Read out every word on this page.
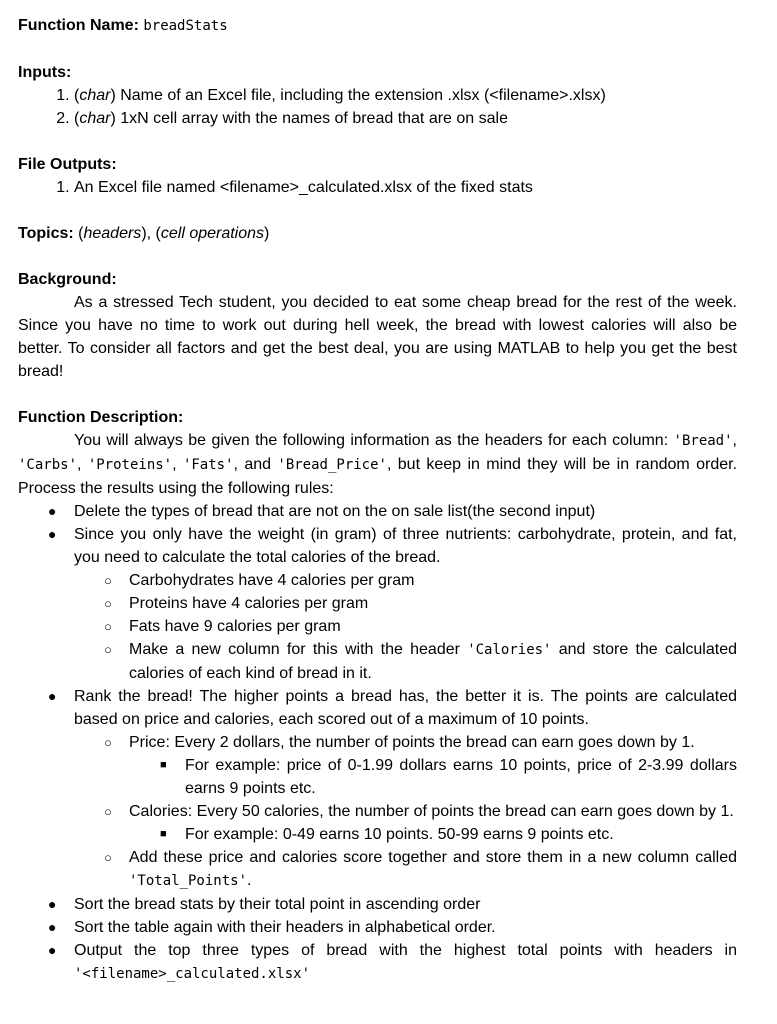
Function Name: breadStats
Inputs:
1. (char) Name of an Excel file, including the extension .xlsx (<filename>.xlsx)
2. (char) 1xN cell array with the names of bread that are on sale
File Outputs:
1. An Excel file named <filename>_calculated.xlsx of the fixed stats
Topics: (headers), (cell operations)
Background:
As a stressed Tech student, you decided to eat some cheap bread for the rest of the week. Since you have no time to work out during hell week, the bread with lowest calories will also be better. To consider all factors and get the best deal, you are using MATLAB to help you get the best bread!
Function Description:
You will always be given the following information as the headers for each column: 'Bread', 'Carbs', 'Proteins', 'Fats', and 'Bread_Price', but keep in mind they will be in random order. Process the results using the following rules:
● Delete the types of bread that are not on the on sale list(the second input)
● Since you only have the weight (in gram) of three nutrients: carbohydrate, protein, and fat, you need to calculate the total calories of the bread.
○ Carbohydrates have 4 calories per gram
○ Proteins have 4 calories per gram
○ Fats have 9 calories per gram
○ Make a new column for this with the header 'Calories' and store the calculated calories of each kind of bread in it.
● Rank the bread! The higher points a bread has, the better it is. The points are calculated based on price and calories, each scored out of a maximum of 10 points.
○ Price: Every 2 dollars, the number of points the bread can earn goes down by 1.
■ For example: price of 0-1.99 dollars earns 10 points, price of 2-3.99 dollars earns 9 points etc.
○ Calories: Every 50 calories, the number of points the bread can earn goes down by 1.
■ For example: 0-49 earns 10 points. 50-99 earns 9 points etc.
○ Add these price and calories score together and store them in a new column called 'Total_Points'.
● Sort the bread stats by their total point in ascending order
● Sort the table again with their headers in alphabetical order.
● Output the top three types of bread with the highest total points with headers in '<filename>_calculated.xlsx'
